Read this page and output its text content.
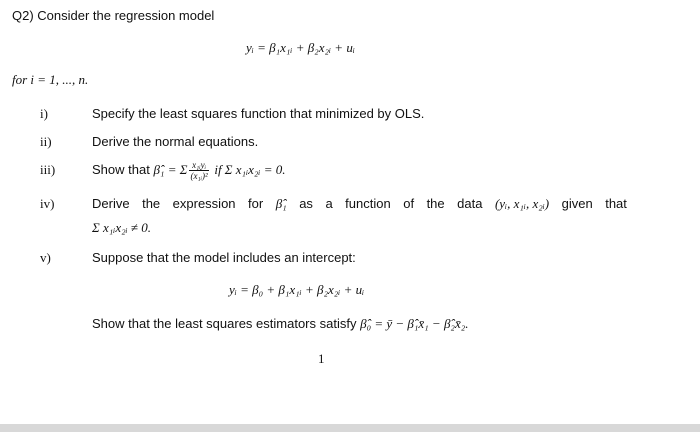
Q2) Consider the regression model
yᵢ = β₁x₁ᵢ + β₂x₂ᵢ + uᵢ
for i = 1, ..., n.
i)	Specify the least squares function that minimized by OLS.
ii)	Derive the normal equations.
iii)	Show that β̂₁ = Σ $\frac{\text{x₁ᵢyᵢ}}{\text{(x₁ᵢ)²}}$ if Σ x₁ᵢx₂ᵢ = 0.
iv)	Derive the expression for β̂₁ as a function of the data (yᵢ, x₁ᵢ, x₂ᵢ) given that
Σ x₁ᵢx₂ᵢ ≠ 0.
v)	Suppose that the model includes an intercept:
yᵢ = β₀ + β₁x₁ᵢ + β₂x₂ᵢ + uᵢ
Show that the least squares estimators satisfy β̂₀ = ȳ − β̂₁x̄₁ − β̂₂x̄₂.
1
